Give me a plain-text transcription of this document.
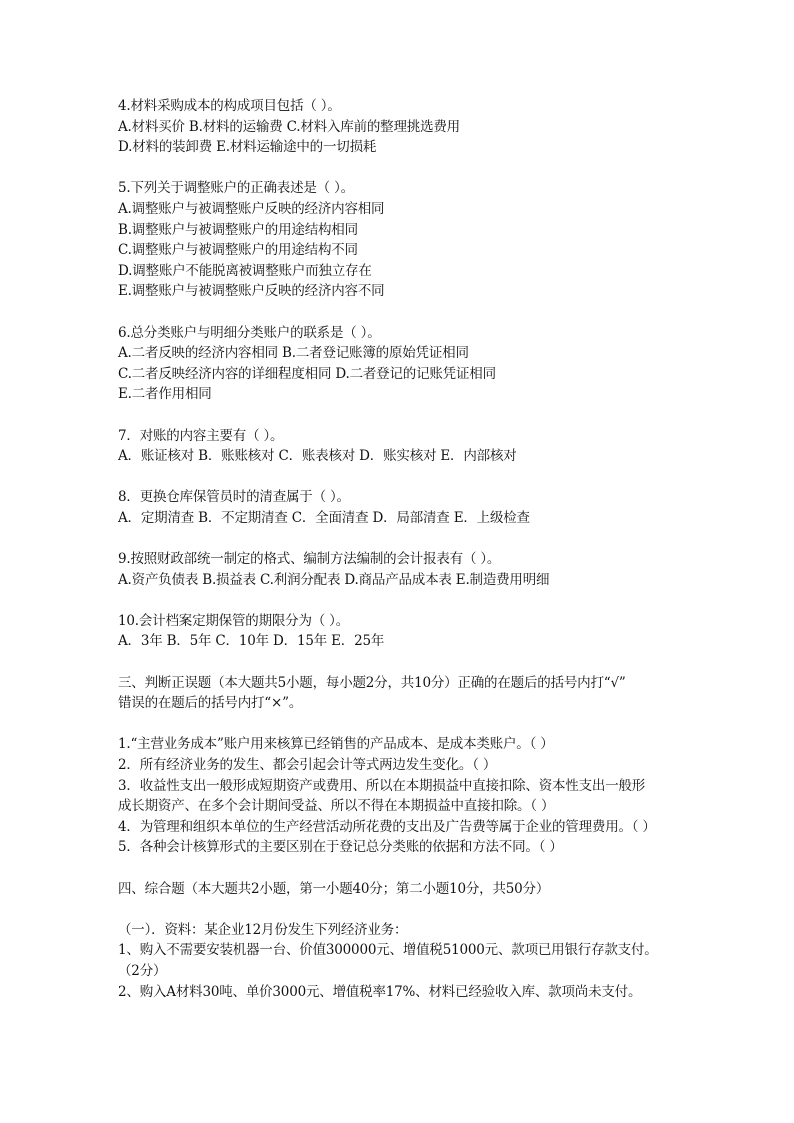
4.材料采购成本的构成项目包括（ ）。
A.材料买价 B.材料的运输费 C.材料入库前的整理挑选费用
D.材料的装卸费 E.材料运输途中的一切损耗
5.下列关于调整账户的正确表述是（ ）。
A.调整账户与被调整账户反映的经济内容相同
B.调整账户与被调整账户的用途结构相同
C.调整账户与被调整账户的用途结构不同
D.调整账户不能脱离被调整账户而独立存在
E.调整账户与被调整账户反映的经济内容不同
6.总分类账户与明细分类账户的联系是（ ）。
A.二者反映的经济内容相同 B.二者登记账簿的原始凭证相同
C.二者反映经济内容的详细程度相同 D.二者登记的记账凭证相同
E.二者作用相同
7．对账的内容主要有（ ）。
A．账证核对 B．账账核对 C．账表核对 D．账实核对 E．内部核对
8．更换仓库保管员时的清查属于（ ）。
A．定期清查 B．不定期清查 C．全面清查 D．局部清查 E．上级检查
9.按照财政部统一制定的格式、编制方法编制的会计报表有（ ）。
A.资产负债表 B.损益表 C.利润分配表 D.商品产品成本表 E.制造费用明细
10.会计档案定期保管的期限分为（ ）。
A．3年 B．5年 C．10年 D．15年 E．25年
三、判断正误题（本大题共5小题，每小题2分，共10分）正确的在题后的括号内打“√”
错误的在题后的括号内打“×”。
1.“主营业务成本”账户用来核算已经销售的产品成本、是成本类账户。（ ）
2．所有经济业务的发生、都会引起会计等式两边发生变化。（ ）
3．收益性支出一般形成短期资产或费用、所以在本期损益中直接扣除、资本性支出一般形
成长期资产、在多个会计期间受益、所以不得在本期损益中直接扣除。（ ）
4．为管理和组织本单位的生产经营活动所花费的支出及广告费等属于企业的管理费用。（ ）
5．各种会计核算形式的主要区别在于登记总分类账的依据和方法不同。（ ）
四、综合题（本大题共2小题，第一小题40分；第二小题10分，共50分）
（一）．资料：某企业12月份发生下列经济业务：
1、购入不需要安装机器一台、价值300000元、增值税51000元、款项已用银行存款支付。
（2分）
2、购入A材料30吨、单价3000元、增值税率17%、材料已经验收入库、款项尚未支付。
